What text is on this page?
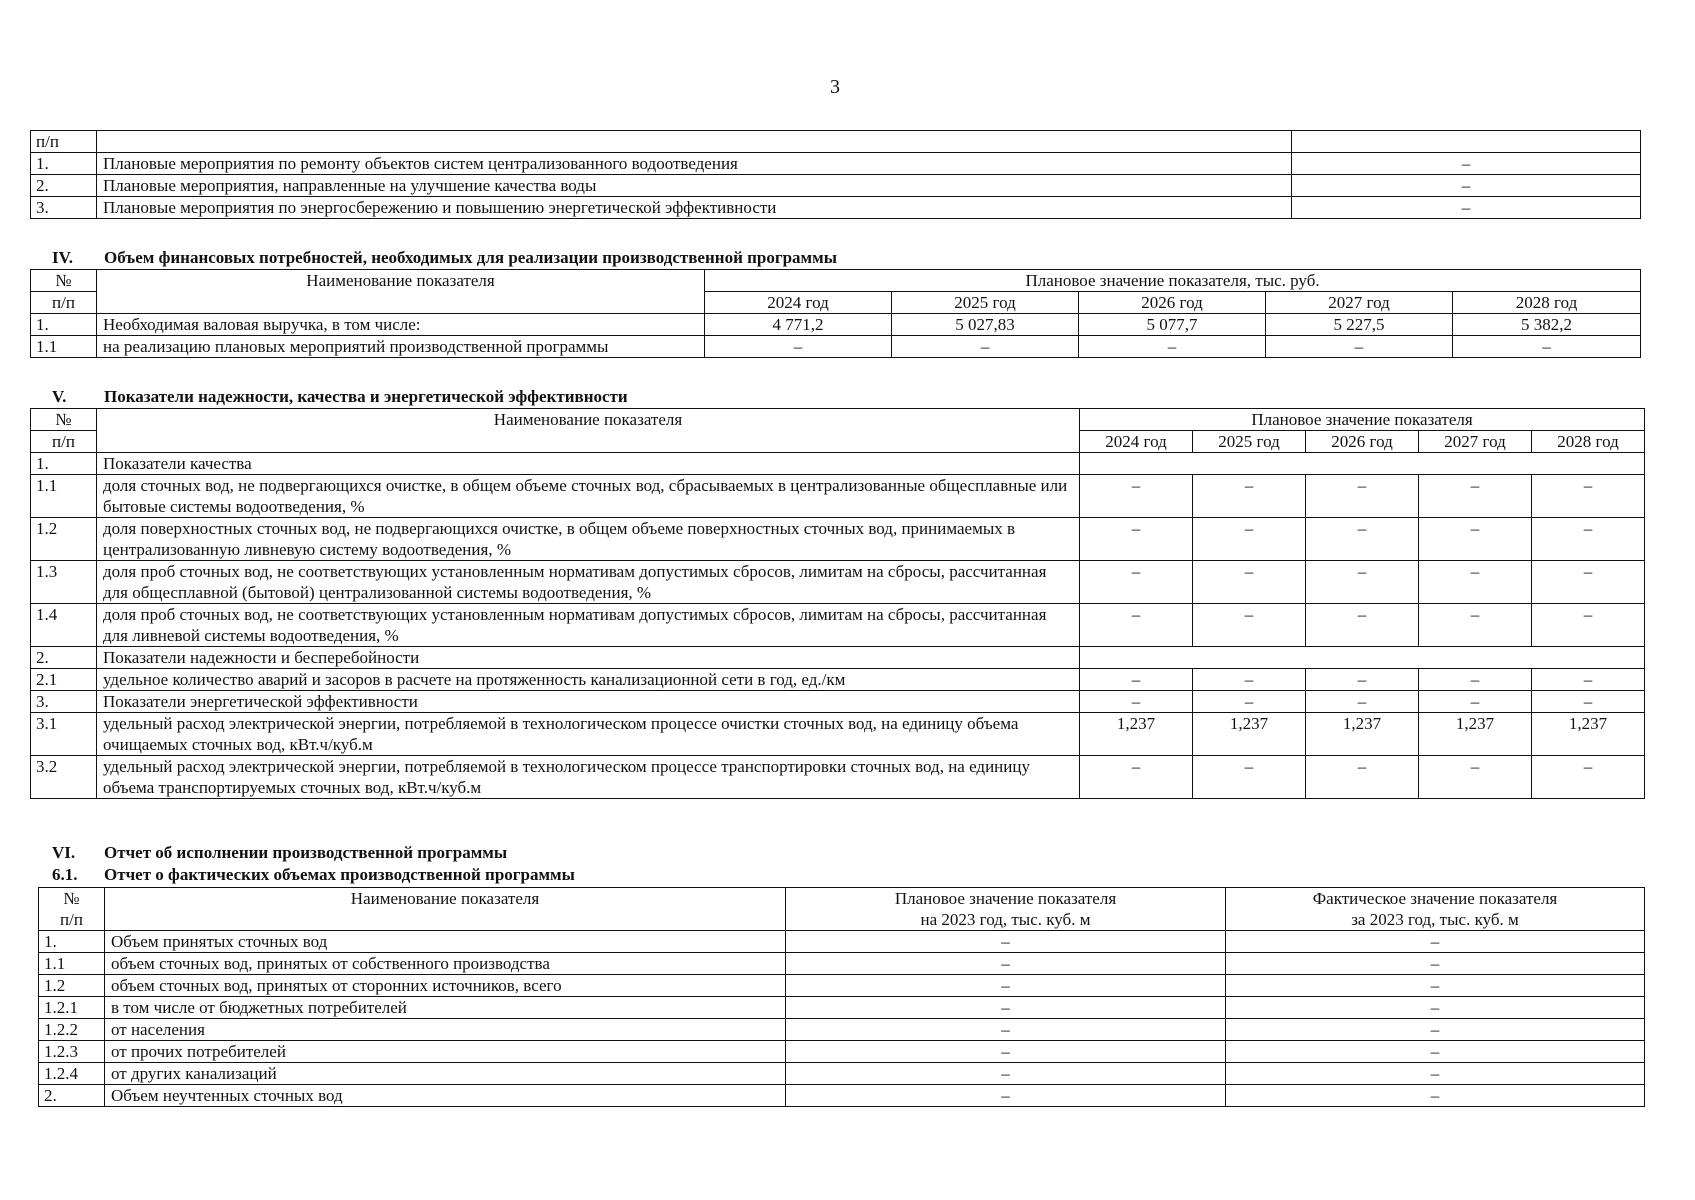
3
п/п		
1.	Плановые мероприятия по ремонту объектов систем централизованного водоотведения	–
2.	Плановые мероприятия, направленные на улучшение качества воды	–
3.	Плановые мероприятия по энергосбережению и повышению энергетической эффективности	–
IV. Объем финансовых потребностей, необходимых для реализации производственной программы
№	Наименование показателя	Плановое значение показателя, тыс. руб.				
п/п		2024 год	2025 год	2026 год	2027 год	2028 год
1.	Необходимая валовая выручка, в том числе:	4 771,2	5 027,83	5 077,7	5 227,5	5 382,2
1.1	на реализацию плановых мероприятий производственной программы	–	–	–	–	–
V. Показатели надежности, качества и энергетической эффективности
№	Наименование показателя	Плановое значение показателя				
п/п		2024 год	2025 год	2026 год	2027 год	2028 год
1.	Показатели качества					
1.1	доля сточных вод, не подвергающихся очистке, в общем объеме сточных вод, сбрасываемых в централизованные общесплавные или бытовые системы водоотведения, %	–	–	–	–	–
1.2	доля поверхностных сточных вод, не подвергающихся очистке, в общем объеме поверхностных сточных вод, принимаемых в централизованную ливневую систему водоотведения, %	–	–	–	–	–
1.3	доля проб сточных вод, не соответствующих установленным нормативам допустимых сбросов, лимитам на сбросы, рассчитанная для общесплавной (бытовой) централизованной системы водоотведения, %	–	–	–	–	–
1.4	доля проб сточных вод, не соответствующих установленным нормативам допустимых сбросов, лимитам на сбросы, рассчитанная для ливневой системы водоотведения, %	–	–	–	–	–
2.	Показатели надежности и бесперебойности					
2.1	удельное количество аварий и засоров в расчете на протяженность канализационной сети в год, ед./км	–	–	–	–	–
3.	Показатели энергетической эффективности	–	–	–	–	–
3.1	удельный расход электрической энергии, потребляемой в технологическом процессе очистки сточных вод, на единицу объема очищаемых сточных вод, кВт.ч/куб.м	1,237	1,237	1,237	1,237	1,237
3.2	удельный расход электрической энергии, потребляемой в технологическом процессе транспортировки сточных вод, на единицу объема транспортируемых сточных вод, кВт.ч/куб.м	–	–	–	–	–
VI. Отчет об исполнении производственной программы
6.1. Отчет о фактических объемах производственной программы
№	Наименование показателя	Плановое значение показателя	Фактическое значение показателя
п/п		на 2023 год, тыс. куб. м	за 2023 год, тыс. куб. м
1.	Объем принятых сточных вод	–	–
1.1	объем сточных вод, принятых от собственного производства	–	–
1.2	объем сточных вод, принятых от сторонних источников, всего	–	–
1.2.1	в том числе от бюджетных потребителей	–	–
1.2.2	от населения	–	–
1.2.3	от прочих потребителей	–	–
1.2.4	от других канализаций	–	–
2.	Объем неучтенных сточных вод	–	–
